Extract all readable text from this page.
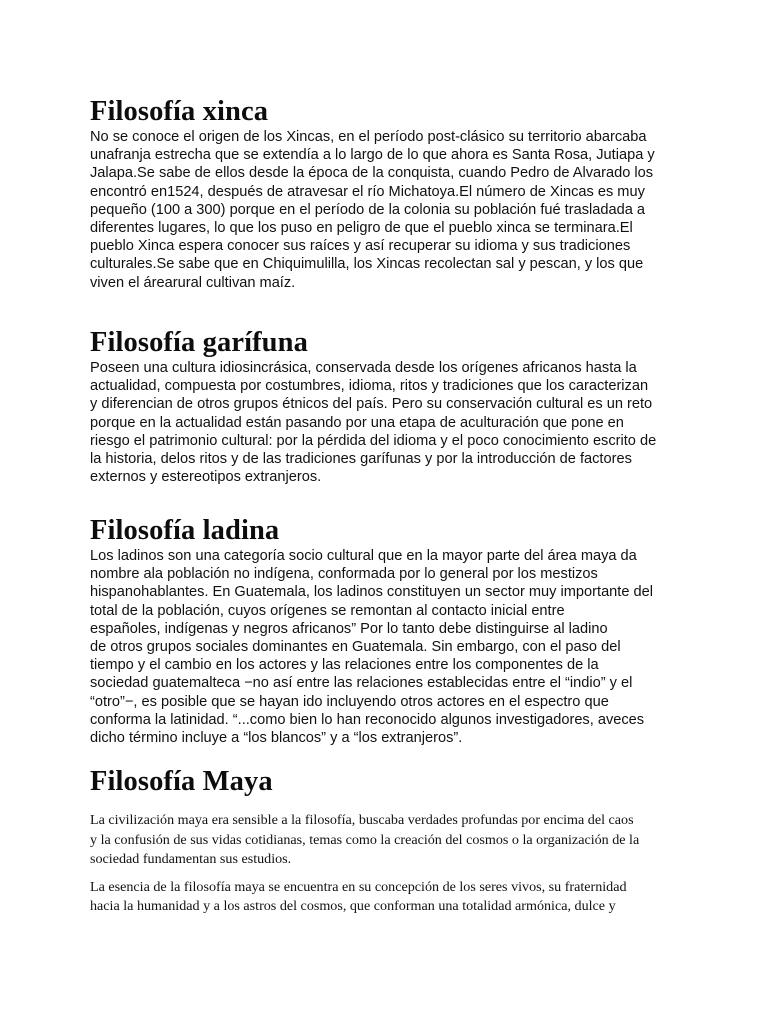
Filosofía xinca

No se conoce el origen de los Xincas, en el período post-clásico su territorio abarcaba
unafranja estrecha que se extendía a lo largo de lo que ahora es Santa Rosa, Jutiapa y
Jalapa.Se sabe de ellos desde la época de la conquista, cuando Pedro de Alvarado los
encontró en1524, después de atravesar el río Michatoya.El número de Xincas es muy
pequeño (100 a 300) porque en el período de la colonia su población fué trasladada a
diferentes lugares, lo que los puso en peligro de que el pueblo xinca se terminara.El
pueblo Xinca espera conocer sus raíces y así recuperar su idioma y sus tradiciones
culturales.Se sabe que en Chiquimulilla, los Xincas recolectan sal y pescan, y los que
viven el árearural cultivan maíz.

Filosofía garífuna

Poseen una cultura idiosincrásica, conservada desde los orígenes africanos hasta la
actualidad, compuesta por costumbres, idioma, ritos y tradiciones que los caracterizan
y diferencian de otros grupos étnicos del país. Pero su conservación cultural es un reto
porque en la actualidad están pasando por una etapa de aculturación que pone en
riesgo el patrimonio cultural: por la pérdida del idioma y el poco conocimiento escrito de
la historia, delos ritos y de las tradiciones garífunas y por la introducción de factores
externos y estereotipos extranjeros.

Filosofía ladina

Los ladinos son una categoría socio cultural que en la mayor parte del área maya da
nombre ala población no indígena, conformada por lo general por los mestizos
hispanohablantes. En Guatemala, los ladinos constituyen un sector muy importante del
total de la población, cuyos orígenes se remontan al contacto inicial entre
españoles, indígenas y negros africanos” Por lo tanto debe distinguirse al ladino
de otros grupos sociales dominantes en Guatemala. Sin embargo, con el paso del
tiempo y el cambio en los actores y las relaciones entre los componentes de la
sociedad guatemalteca −no así entre las relaciones establecidas entre el “indio” y el
“otro”−, es posible que se hayan ido incluyendo otros actores en el espectro que
conforma la latinidad. “...como bien lo han reconocido algunos investigadores, aveces
dicho término incluye a “los blancos” y a “los extranjeros”.

Filosofía Maya

La civilización maya era sensible a la filosofía, buscaba verdades profundas por encima del caos
y la confusión de sus vidas cotidianas, temas como la creación del cosmos o la organización de la
sociedad fundamentan sus estudios.

La esencia de la filosofía maya se encuentra en su concepción de los seres vivos, su fraternidad
hacia la humanidad y a los astros del cosmos, que conforman una totalidad armónica, dulce y
